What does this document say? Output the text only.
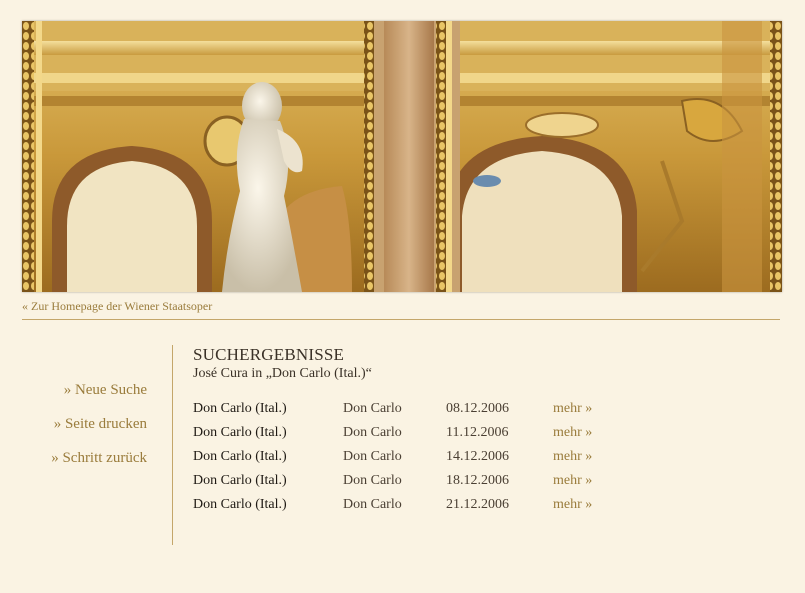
« Zur Homepage der Wiener Staatsoper
» Neue Suche
» Seite drucken
» Schritt zurück
SUCHERGEBNISSE
José Cura in „Don Carlo (Ital.)“
Don Carlo (Ital.)	Don Carlo	08.12.2006	mehr »
Don Carlo (Ital.)	Don Carlo	11.12.2006	mehr »
Don Carlo (Ital.)	Don Carlo	14.12.2006	mehr »
Don Carlo (Ital.)	Don Carlo	18.12.2006	mehr »
Don Carlo (Ital.)	Don Carlo	21.12.2006	mehr »
